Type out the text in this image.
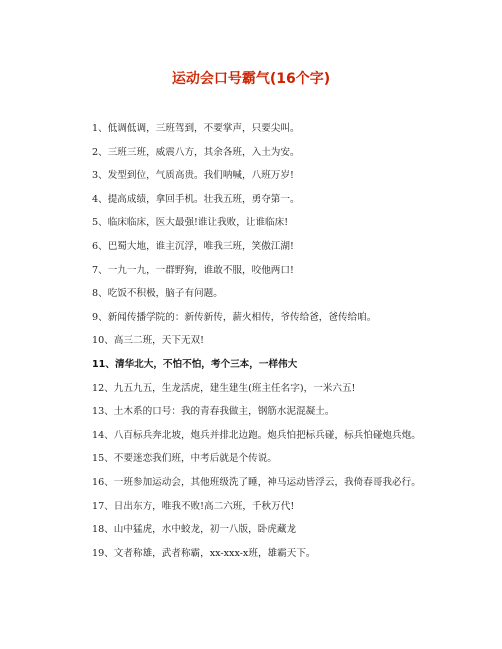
运动会口号霸气(16个字)
1、低调低调，三班驾到，不要掌声，只要尖叫。
2、三班三班，威震八方，其余各班，入土为安。
3、发型到位，气质高贵。我们呐喊，八班万岁!
4、提高成绩，拿回手机。壮我五班，勇夺第一。
5、临床临床，医大最强!谁让我败，让谁临床!
6、巴蜀大地，谁主沉浮，唯我三班，笑傲江湖!
7、一九一九，一群野狗，谁敢不服，咬他两口!
8、吃饭不积极，脑子有问题。
9、新闻传播学院的：新传新传，薪火相传，爷传给爸，爸传给咱。
10、高三二班，天下无双!
11、清华北大，不怕不怕，考个三本，一样伟大
12、九五九五，生龙活虎，建生建生(班主任名字)，一米六五!
13、土木系的口号：我的青春我做主，钢筋水泥混凝土。
14、八百标兵奔北坡，炮兵并排北边跑。炮兵怕把标兵碰，标兵怕碰炮兵炮。
15、不要迷恋我们班，中考后就是个传说。
16、一班参加运动会，其他班级洗了睡，神马运动皆浮云，我倚春哥我必行。
17、日出东方，唯我不败!高二六班，千秋万代!
18、山中猛虎，水中蛟龙，初一八版，卧虎藏龙
19、文者称雄，武者称霸，xx-xxx-x班，雄霸天下。
